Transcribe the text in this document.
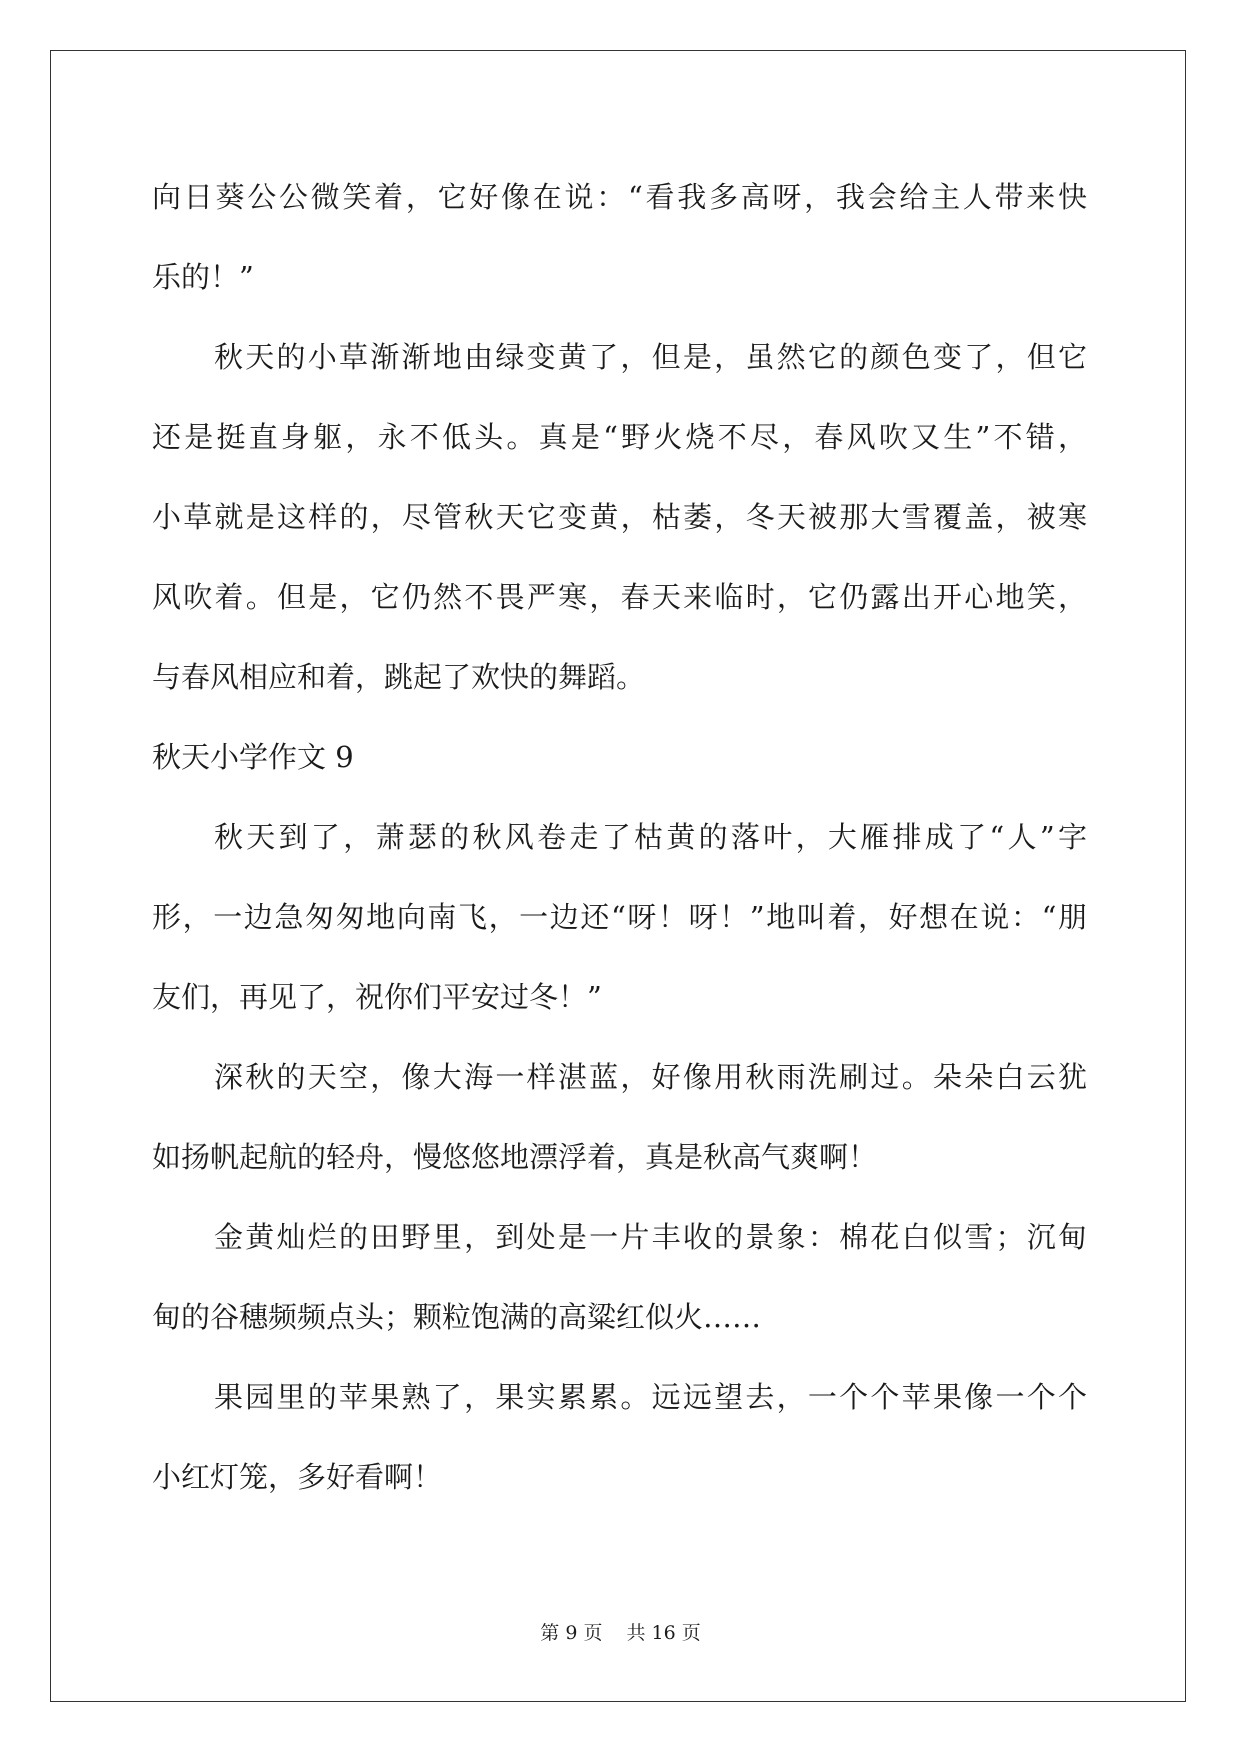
向日葵公公微笑着，它好像在说：“看我多高呀，我会给主人带来快
乐的！”
秋天的小草渐渐地由绿变黄了，但是，虽然它的颜色变了，但它
还是挺直身躯，永不低头。真是“野火烧不尽，春风吹又生”不错，
小草就是这样的，尽管秋天它变黄，枯萎，冬天被那大雪覆盖，被寒
风吹着。但是，它仍然不畏严寒，春天来临时，它仍露出开心地笑，
与春风相应和着，跳起了欢快的舞蹈。
秋天小学作文 9
秋天到了，萧瑟的秋风卷走了枯黄的落叶，大雁排成了“人”字
形，一边急匆匆地向南飞，一边还“呀！呀！”地叫着，好想在说：“朋
友们，再见了，祝你们平安过冬！”
深秋的天空，像大海一样湛蓝，好像用秋雨洗刷过。朵朵白云犹
如扬帆起航的轻舟，慢悠悠地漂浮着，真是秋高气爽啊！
金黄灿烂的田野里，到处是一片丰收的景象：棉花白似雪；沉甸
甸的谷穗频频点头；颗粒饱满的高粱红似火……
果园里的苹果熟了，果实累累。远远望去，一个个苹果像一个个
小红灯笼，多好看啊！
第 9 页 共 16 页
